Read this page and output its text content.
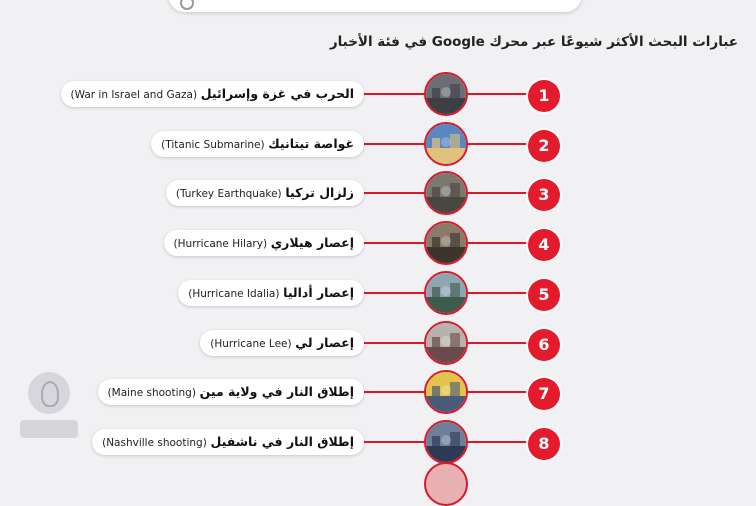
عبارات البحث الأكثر شيوعًا عبر محرك Google في فئة الأخبار
الحرب في غزة وإسرائيل (War in Israel and Gaza)	1
غواصة تيتانيك (Titanic Submarine)	2
زلزال تركيا (Turkey Earthquake)	3
إعصار هيلاري (Hurricane Hilary)	4
إعصار أداليا (Hurricane Idalia)	5
إعصار لي (Hurricane Lee)	6
إطلاق النار في ولاية مين (Maine shooting)	7
إطلاق النار في ناشفيل (Nashville shooting)	8
